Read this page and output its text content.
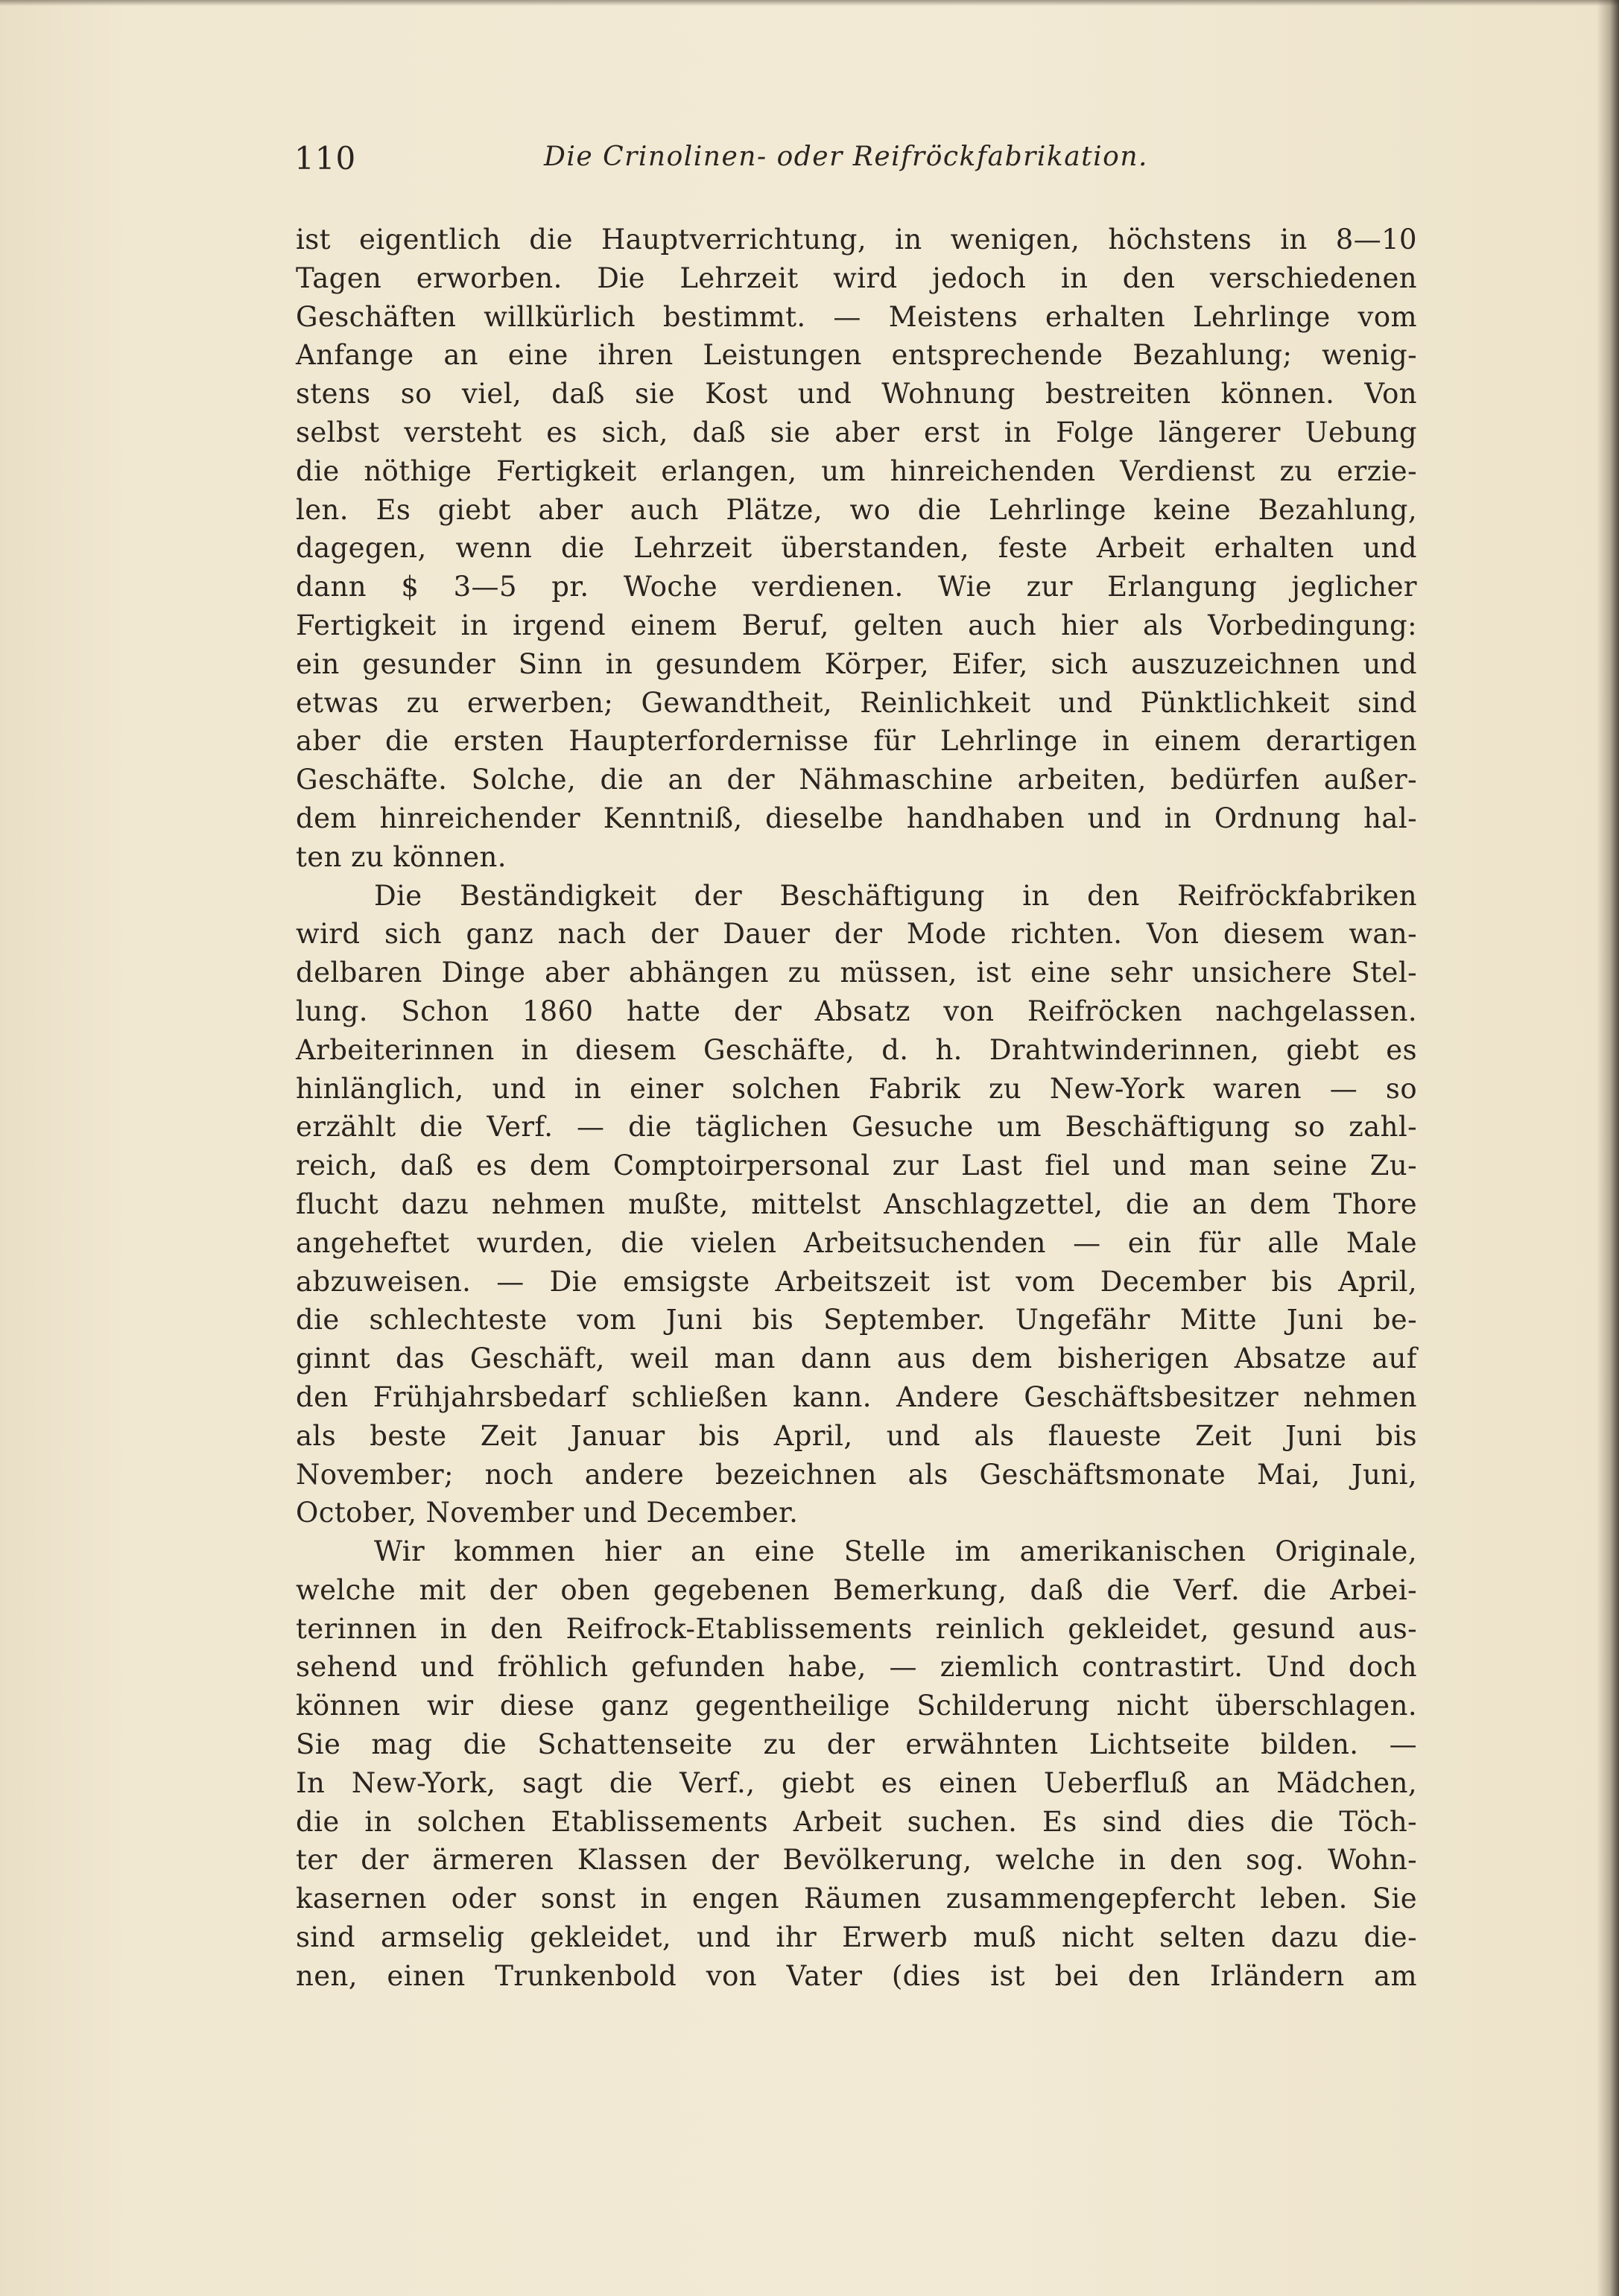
110	Die Crinolinen- oder Reifröckfabrikation.
ist eigentlich die Hauptverrichtung, in wenigen, höchstens in 8—10
Tagen erworben. Die Lehrzeit wird jedoch in den verschiedenen
Geschäften willkürlich bestimmt. — Meistens erhalten Lehrlinge vom
Anfange an eine ihren Leistungen entsprechende Bezahlung; wenig-
stens so viel, daß sie Kost und Wohnung bestreiten können. Von
selbst versteht es sich, daß sie aber erst in Folge längerer Uebung
die nöthige Fertigkeit erlangen, um hinreichenden Verdienst zu erzie-
len. Es giebt aber auch Plätze, wo die Lehrlinge keine Bezahlung,
dagegen, wenn die Lehrzeit überstanden, feste Arbeit erhalten und
dann $ 3—5 pr. Woche verdienen. Wie zur Erlangung jeglicher
Fertigkeit in irgend einem Beruf, gelten auch hier als Vorbedingung:
ein gesunder Sinn in gesundem Körper, Eifer, sich auszuzeichnen und
etwas zu erwerben; Gewandtheit, Reinlichkeit und Pünktlichkeit sind
aber die ersten Haupterfordernisse für Lehrlinge in einem derartigen
Geschäfte. Solche, die an der Nähmaschine arbeiten, bedürfen außer-
dem hinreichender Kenntniß, dieselbe handhaben und in Ordnung hal-
ten zu können.
Die Beständigkeit der Beschäftigung in den Reifröckfabriken
wird sich ganz nach der Dauer der Mode richten. Von diesem wan-
delbaren Dinge aber abhängen zu müssen, ist eine sehr unsichere Stel-
lung. Schon 1860 hatte der Absatz von Reifröcken nachgelassen.
Arbeiterinnen in diesem Geschäfte, d. h. Drahtwinderinnen, giebt es
hinlänglich, und in einer solchen Fabrik zu New-York waren — so
erzählt die Verf. — die täglichen Gesuche um Beschäftigung so zahl-
reich, daß es dem Comptoirpersonal zur Last fiel und man seine Zu-
flucht dazu nehmen mußte, mittelst Anschlagzettel, die an dem Thore
angeheftet wurden, die vielen Arbeitsuchenden — ein für alle Male
abzuweisen. — Die emsigste Arbeitszeit ist vom December bis April,
die schlechteste vom Juni bis September. Ungefähr Mitte Juni be-
ginnt das Geschäft, weil man dann aus dem bisherigen Absatze auf
den Frühjahrsbedarf schließen kann. Andere Geschäftsbesitzer nehmen
als beste Zeit Januar bis April, und als flaueste Zeit Juni bis
November; noch andere bezeichnen als Geschäftsmonate Mai, Juni,
October, November und December.
Wir kommen hier an eine Stelle im amerikanischen Originale,
welche mit der oben gegebenen Bemerkung, daß die Verf. die Arbei-
terinnen in den Reifrock-Etablissements reinlich gekleidet, gesund aus-
sehend und fröhlich gefunden habe, — ziemlich contrastirt. Und doch
können wir diese ganz gegentheilige Schilderung nicht überschlagen.
Sie mag die Schattenseite zu der erwähnten Lichtseite bilden. —
In New-York, sagt die Verf., giebt es einen Ueberfluß an Mädchen,
die in solchen Etablissements Arbeit suchen. Es sind dies die Töch-
ter der ärmeren Klassen der Bevölkerung, welche in den sog. Wohn-
kasernen oder sonst in engen Räumen zusammengepfercht leben. Sie
sind armselig gekleidet, und ihr Erwerb muß nicht selten dazu die-
nen, einen Trunkenbold von Vater (dies ist bei den Irländern am
